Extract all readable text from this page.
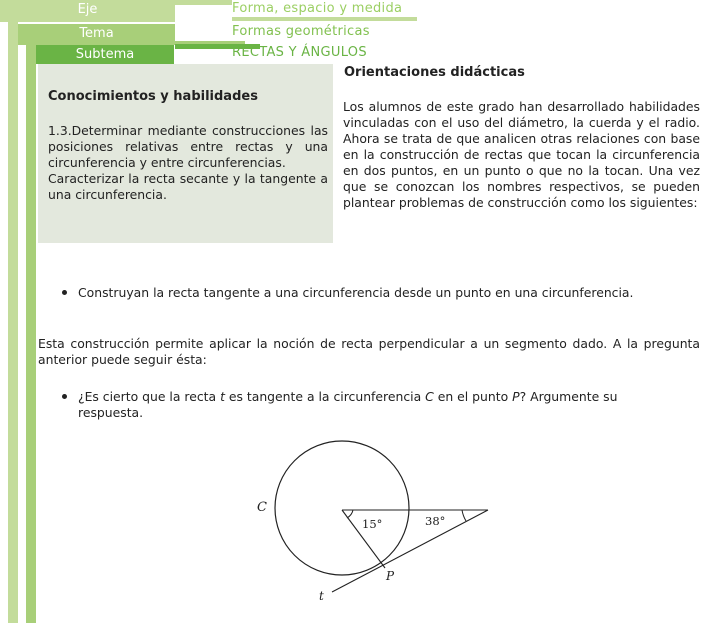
Eje	Forma, espacio y medida
Tema	Formas geométricas
Subtema	RECTAS Y ÁNGULOS
Conocimientos y habilidades

1.3.Determinar mediante construcciones las posiciones relativas entre rectas y una circunferencia y entre circunferencias.

Caracterizar la recta secante y la tangente a una circunferencia.

Orientaciones didácticas

Los alumnos de este grado han desarrollado habilidades vinculadas con el uso del diámetro, la cuerda y el radio. Ahora se trata de que analicen otras relaciones con base en la construcción de rectas que tocan la circunferencia en dos puntos, en un punto o que no la tocan. Una vez que se conozcan los nombres respectivos, se pueden plantear problemas de construcción como los siguientes:

Construyan la recta tangente a una circunferencia desde un punto en una circunferencia.

Esta construcción permite aplicar la noción de recta perpendicular a un segmento dado. A la pregunta anterior puede seguir ésta:

¿Es cierto que la recta t es tangente a la circunferencia C en el punto P? Argumente su respuesta.
C
P
t
15°	38°
